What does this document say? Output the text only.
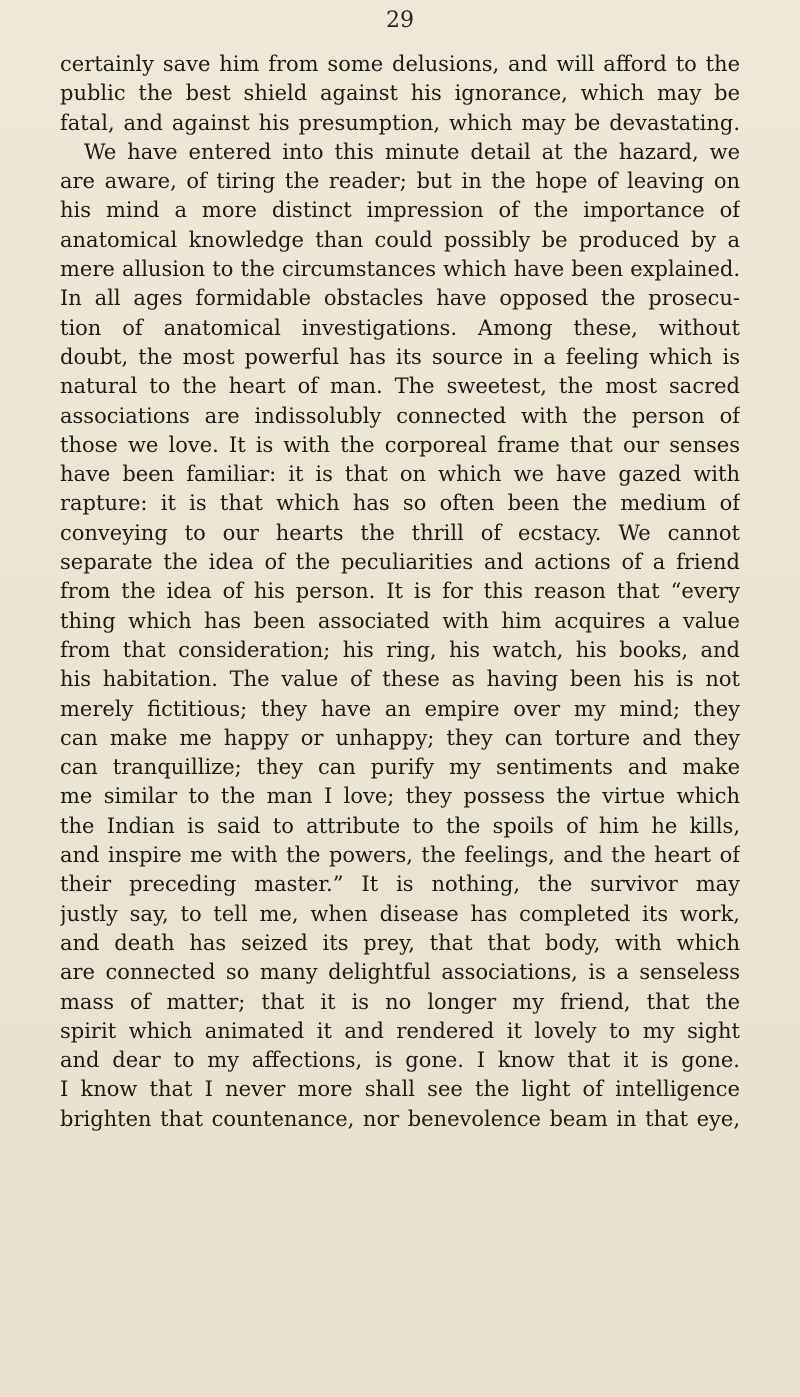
29
certainly save him from some delusions, and will afford to the
public the best shield against his ignorance, which may be
fatal, and against his presumption, which may be devastating.
We have entered into this minute detail at the hazard, we
are aware, of tiring the reader; but in the hope of leaving on
his mind a more distinct impression of the importance of
anatomical knowledge than could possibly be produced by a
mere allusion to the circumstances which have been explained.
In all ages formidable obstacles have opposed the prosecu-
tion of anatomical investigations. Among these, without
doubt, the most powerful has its source in a feeling which is
natural to the heart of man. The sweetest, the most sacred
associations are indissolubly connected with the person of
those we love. It is with the corporeal frame that our senses
have been familiar: it is that on which we have gazed with
rapture: it is that which has so often been the medium of
conveying to our hearts the thrill of ecstacy. We cannot
separate the idea of the peculiarities and actions of a friend
from the idea of his person. It is for this reason that “every
thing which has been associated with him acquires a value
from that consideration; his ring, his watch, his books, and
his habitation. The value of these as having been his is not
merely fictitious; they have an empire over my mind; they
can make me happy or unhappy; they can torture and they
can tranquillize; they can purify my sentiments and make
me similar to the man I love; they possess the virtue which
the Indian is said to attribute to the spoils of him he kills,
and inspire me with the powers, the feelings, and the heart of
their preceding master.” It is nothing, the survivor may
justly say, to tell me, when disease has completed its work,
and death has seized its prey, that that body, with which
are connected so many delightful associations, is a senseless
mass of matter; that it is no longer my friend, that the
spirit which animated it and rendered it lovely to my sight
and dear to my affections, is gone. I know that it is gone.
I know that I never more shall see the light of intelligence
brighten that countenance, nor benevolence beam in that eye,
